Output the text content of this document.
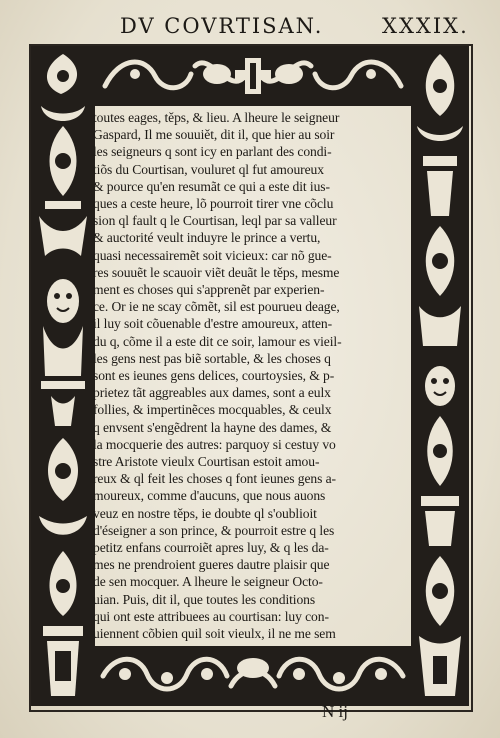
DV COVRTISAN.	XXXIX.
toutes eages, těps, & lieu. A lheure le seigneur
Gaspard, Il me souuiět, dit il, que hier au soir
les seigneurs q sont icy en parlant des condi-
tiõs du Courtisan, vouluret ql fut amoureux
& pource qu'en resumãt ce qui a este dit ius-
ques a ceste heure, lõ pourroit tirer vne cõclu
sion ql fault q le Courtisan, leql par sa valleur
& auctorité veult induyre le prince a vertu,
quasi necessairemẽt soit vicieux: car nõ gue-
res souuẽt le scauoir viẽt deuãt le těps, mesme
ment es choses qui s'apprenẽt par experien-
ce. Or ie ne scay cõmẽt, sil est pourueu deage,
il luy soit cõuenable d'estre amoureux, atten-
du q, cõme il a este dit ce soir, lamour es vieil-
les gens nest pas biẽ sortable, & les choses q
sont es ieunes gens delices, courtoysies, & p-
prietez tãt aggreables aux dames, sont a eulx
follies, & impertinẽces mocquables, & ceulx
q envsent s'engẽdrent la hayne des dames, &
la mocquerie des autres: parquoy si cestuy vo
stre Aristote vieulx Courtisan estoit amou-
reux & ql feit les choses q font ieunes gens a-
moureux, comme d'aucuns, que nous auons
veuz en nostre těps, ie doubte ql s'oublioit
d'éseigner a son prince, & pourroit estre q les
petitz enfans courroiẽt apres luy, & q les da-
mes ne prendroient gueres dautre plaisir que
de sen mocquer. A lheure le seigneur Octo-
uian. Puis, dit il, que toutes les conditions
qui ont este attribuees au courtisan: luy con-
uiennent cõbien quil soit vieulx, il ne me sem
N ij
